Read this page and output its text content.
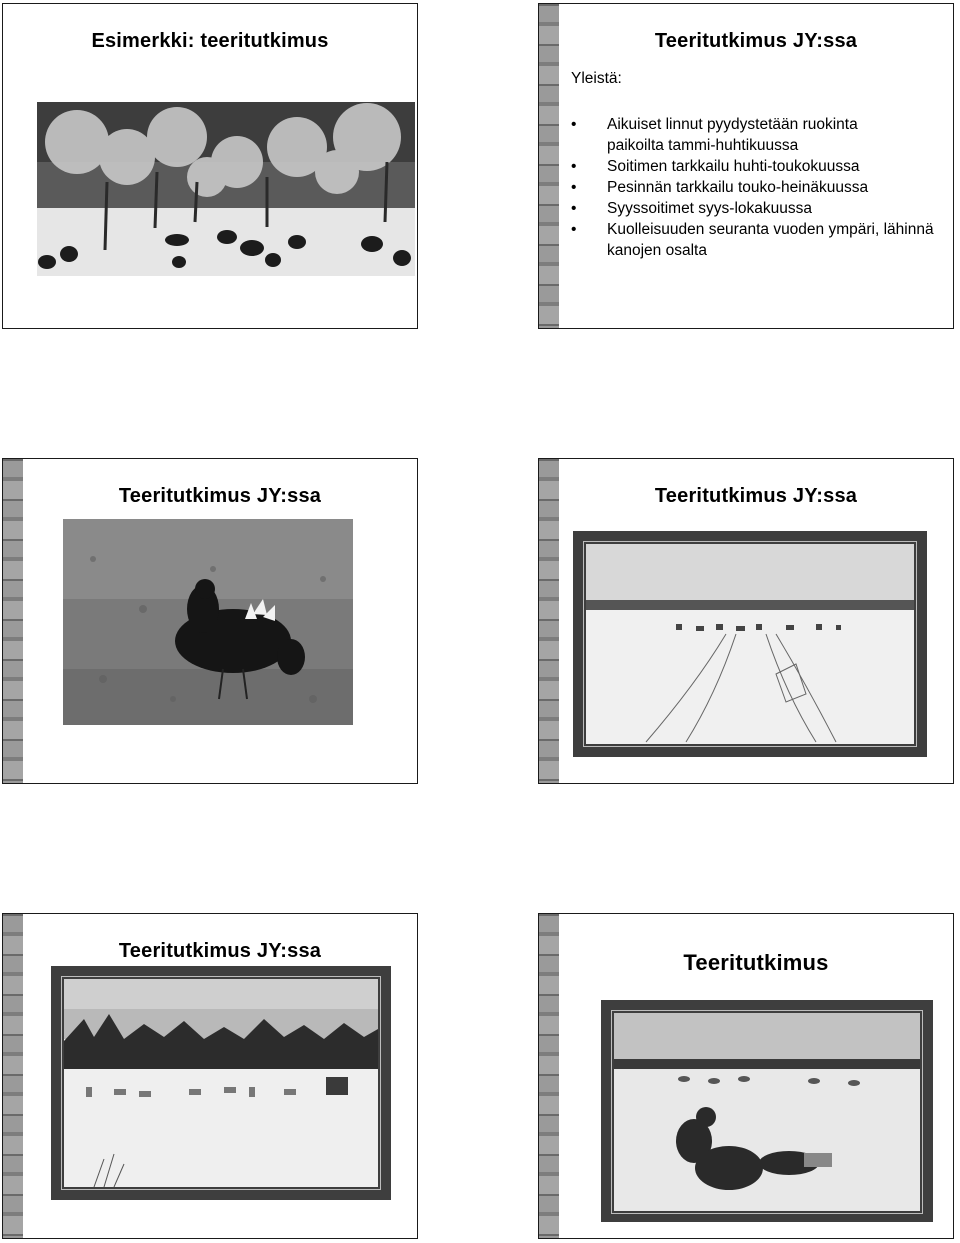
Esimerkki: teeritutkimus	Teeritutkimus JY:ssa
Yleistä:
• Aikuiset linnut pyydystetään ruokinta paikoilta tammi-huhtikuussa
• Soitimen tarkkailu huhti-toukokuussa
• Pesinnän tarkkailu touko-heinäkuussa
• Syyssoitimet syys-lokakuussa
• Kuolleisuuden seuranta vuoden ympäri, lähinnä kanojen osalta
Teeritutkimus JY:ssa	Teeritutkimus JY:ssa
Teeritutkimus JY:ssa	Teeritutkimus
